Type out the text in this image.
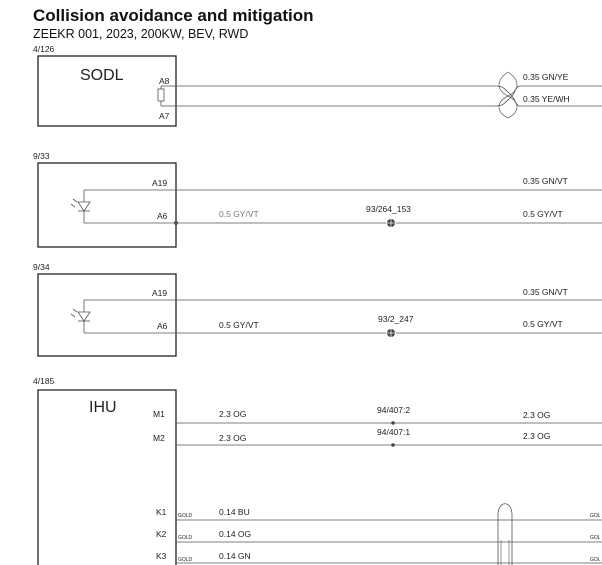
Collision avoidance and mitigation
ZEEKR 001, 2023, 200KW, BEV, RWD
4/126
SODL	A8
A7
0.35 GN/YE
0.35 YE/WH
9/33
A19
A6	0.5 GY/VT	93/264_153
0.35 GN/VT
0.5 GY/VT
9/34
A19
A6	0.5 GY/VT
93/2_247
0.35 GN/VT
0.5 GY/VT
4/185
IHU	M1	2.3 OG	94/407:2	2.3 OG
M2	2.3 OG
94/407:1	2.3 OG
K1 GOLD	0.14 BU	GOL
K2 GOLD	0.14 OG	GOL
K3 GOLD	0.14 GN	GOL
